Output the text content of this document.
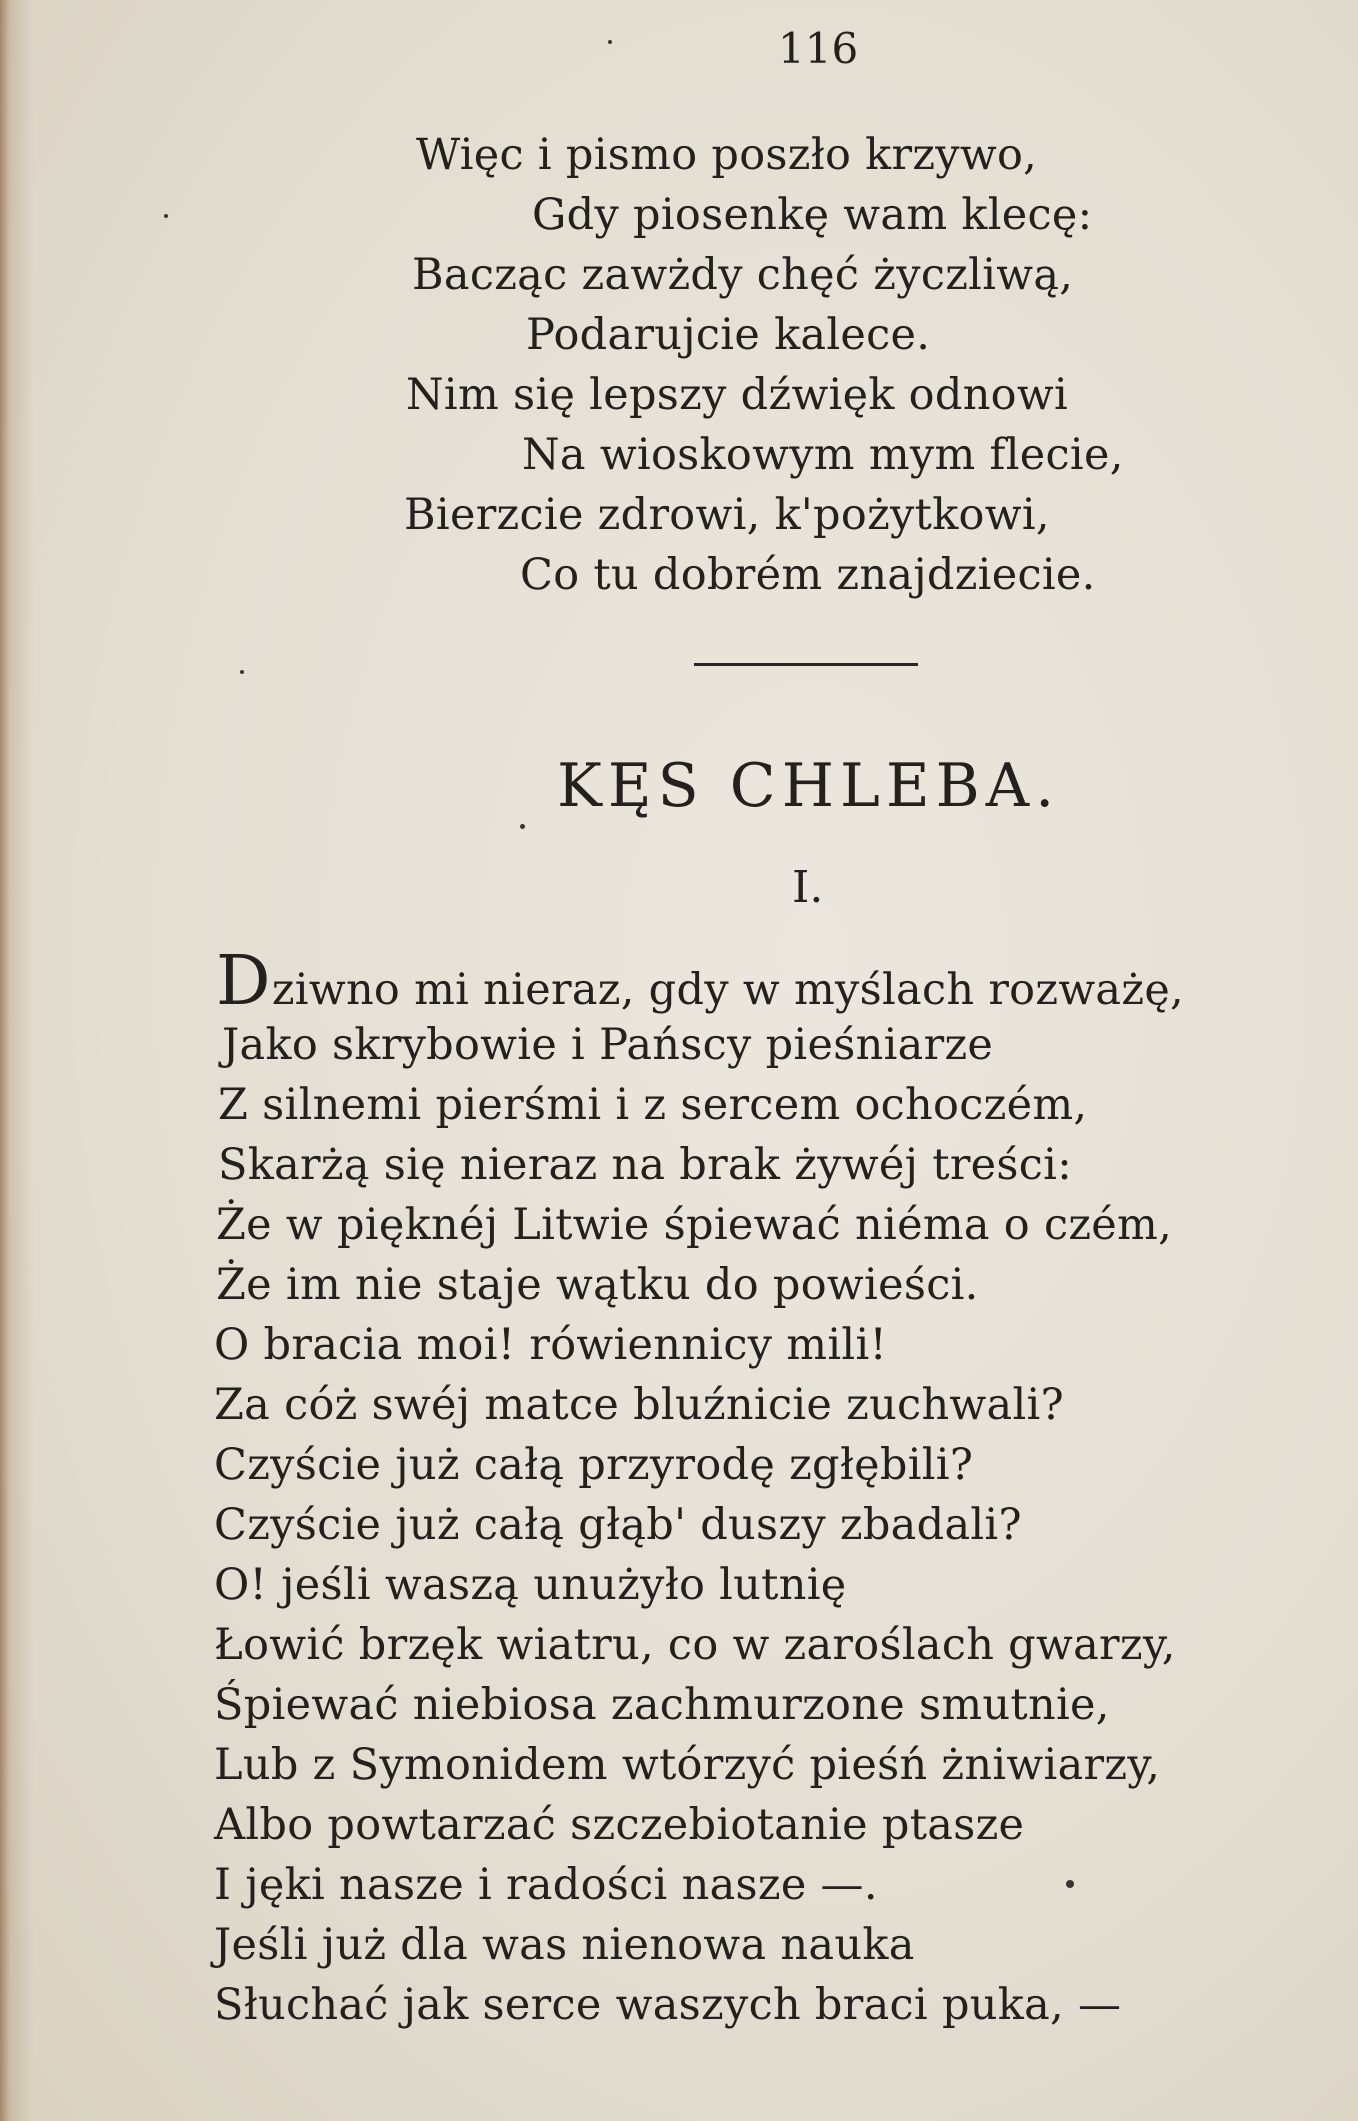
116
Więc i pismo poszło krzywo,
Gdy piosenkę wam klecę:
Bacząc zawżdy chęć życzliwą,
Podarujcie kalece.
Nim się lepszy dźwięk odnowi
Na wioskowym mym flecie,
Bierzcie zdrowi, k'pożytkowi,
Co tu dobrém znajdziecie.
KĘS CHLEBA.
I.
Dziwno mi nieraz, gdy w myślach rozważę,
Jako skrybowie i Pańscy pieśniarze
Z silnemi pierśmi i z sercem ochoczém,
Skarżą się nieraz na brak żywéj treści:
Że w pięknéj Litwie śpiewać niéma o czém,
Że im nie staje wątku do powieści.
O bracia moi! rówiennicy mili!
Za cóż swéj matce bluźnicie zuchwali?
Czyście już całą przyrodę zgłębili?
Czyście już całą głąb' duszy zbadali?
O! jeśli waszą unużyło lutnię
Łowić brzęk wiatru, co w zaroślach gwarzy,
Śpiewać niebiosa zachmurzone smutnie,
Lub z Symonidem wtórzyć pieśń żniwiarzy,
Albo powtarzać szczebiotanie ptasze
I jęki nasze i radości nasze —.
Jeśli już dla was nienowa nauka
Słuchać jak serce waszych braci puka, —
